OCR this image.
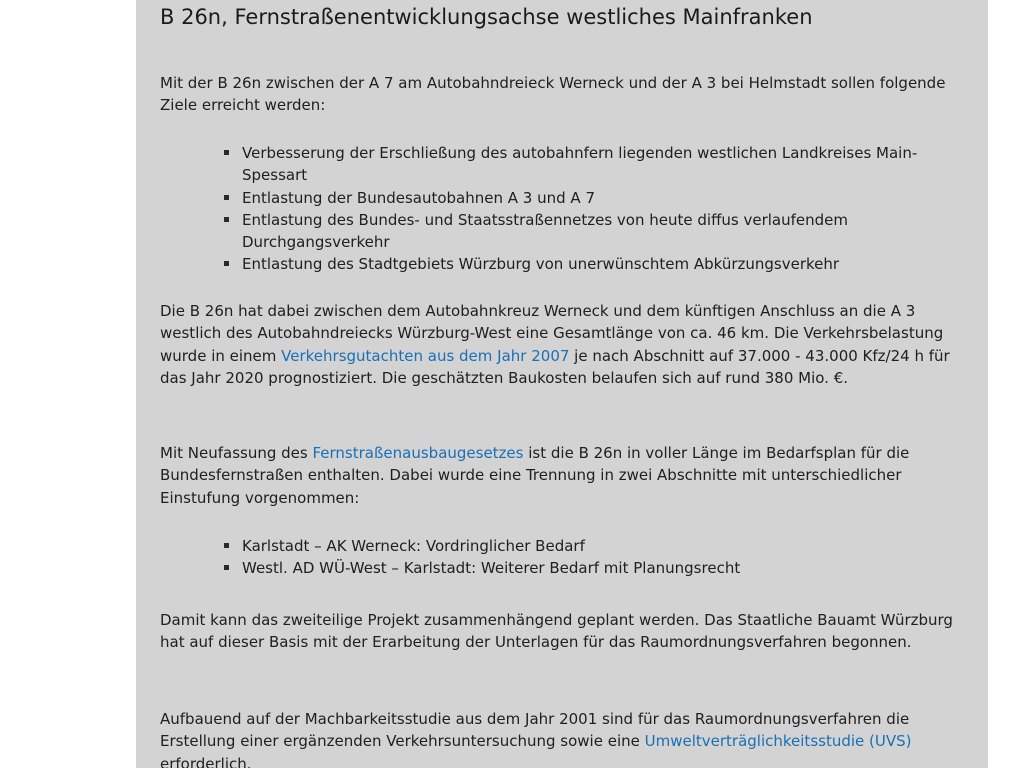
B 26n, Fernstraßenentwicklungsachse westliches Mainfranken

Mit der B 26n zwischen der A 7 am Autobahndreieck Werneck und der A 3 bei Helmstadt sollen folgende Ziele erreicht werden:

Verbesserung der Erschließung des autobahnfern liegenden westlichen Landkreises Main-Spessart
Entlastung der Bundesautobahnen A 3 und A 7
Entlastung des Bundes- und Staatsstraßennetzes von heute diffus verlaufendem Durchgangsverkehr
Entlastung des Stadtgebiets Würzburg von unerwünschtem Abkürzungsverkehr

Die B 26n hat dabei zwischen dem Autobahnkreuz Werneck und dem künftigen Anschluss an die A 3 westlich des Autobahndreiecks Würzburg-West eine Gesamtlänge von ca. 46 km. Die Verkehrsbelastung wurde in einem Verkehrsgutachten aus dem Jahr 2007 je nach Abschnitt auf 37.000 - 43.000 Kfz/24 h für das Jahr 2020 prognostiziert. Die geschätzten Baukosten belaufen sich auf rund 380 Mio. €.

Mit Neufassung des Fernstraßenausbaugesetzes ist die B 26n in voller Länge im Bedarfsplan für die Bundesfernstraßen enthalten. Dabei wurde eine Trennung in zwei Abschnitte mit unterschiedlicher Einstufung vorgenommen:

Karlstadt – AK Werneck: Vordringlicher Bedarf
Westl. AD WÜ-West – Karlstadt: Weiterer Bedarf mit Planungsrecht

Damit kann das zweiteilige Projekt zusammenhängend geplant werden. Das Staatliche Bauamt Würzburg hat auf dieser Basis mit der Erarbeitung der Unterlagen für das Raumordnungsverfahren begonnen.

Aufbauend auf der Machbarkeitsstudie aus dem Jahr 2001 sind für das Raumordnungsverfahren die Erstellung einer ergänzenden Verkehrsuntersuchung sowie eine Umweltverträglichkeitsstudie (UVS) erforderlich.
